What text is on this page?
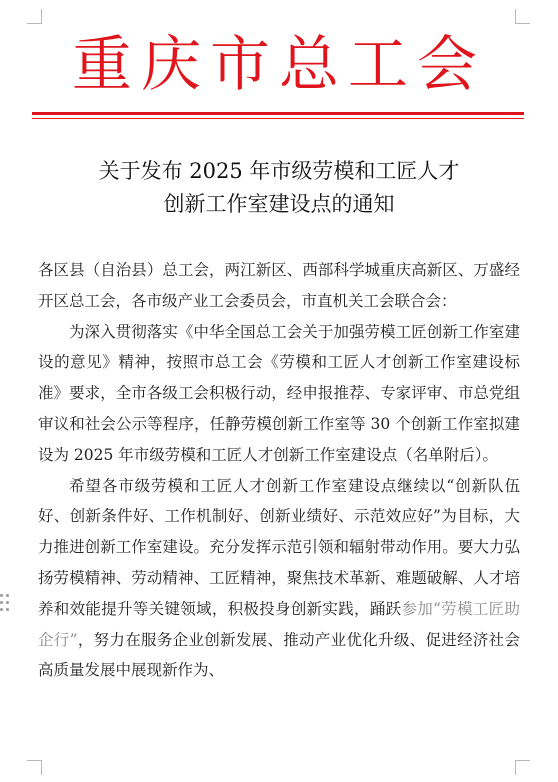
重庆市总工会
关于发布 2025 年市级劳模和工匠人才
创新工作室建设点的通知

各区县（自治县）总工会，两江新区、西部科学城重庆高新区、万盛经开区总工会，各市级产业工会委员会，市直机关工会联合会：

为深入贯彻落实《中华全国总工会关于加强劳模工匠创新工作室建设的意见》精神，按照市总工会《劳模和工匠人才创新工作室建设标准》要求，全市各级工会积极行动，经申报推荐、专家评审、市总党组审议和社会公示等程序，任静劳模创新工作室等 30 个创新工作室拟建设为 2025 年市级劳模和工匠人才创新工作室建设点（名单附后）。

希望各市级劳模和工匠人才创新工作室建设点继续以“创新队伍好、创新条件好、工作机制好、创新业绩好、示范效应好”为目标，大力推进创新工作室建设。充分发挥示范引领和辐射带动作用。要大力弘扬劳模精神、劳动精神、工匠精神，聚焦技术革新、难题破解、人才培养和效能提升等关键领域，积极投身创新实践，踊跃参加“劳模工匠助企行”，努力在服务企业创新发展、推动产业优化升级、促进经济社会高质量发展中展现新作为、
